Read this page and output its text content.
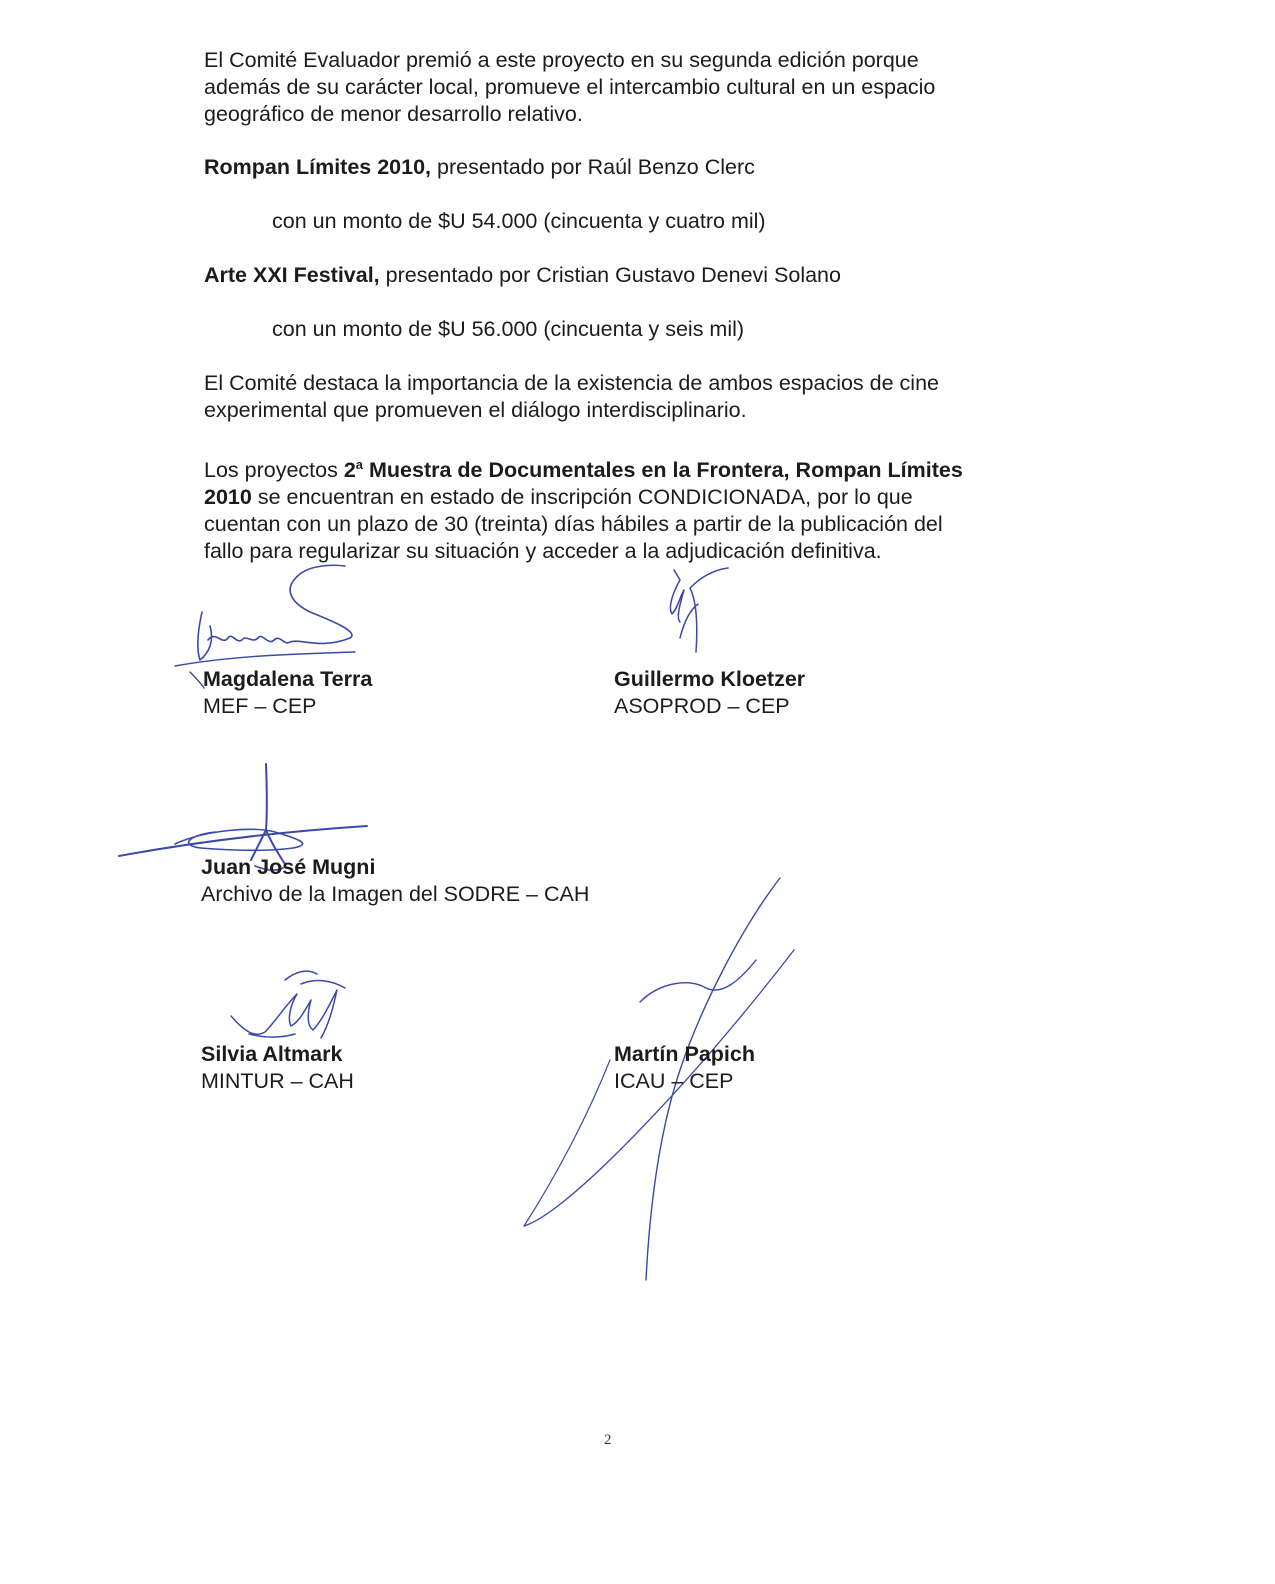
El Comité Evaluador premió a este proyecto en su segunda edición porque
además de su carácter local, promueve el intercambio cultural en un espacio
geográfico de menor desarrollo relativo.
Rompan Límites 2010, presentado por Raúl Benzo Clerc
con un monto de $U 54.000 (cincuenta y cuatro mil)
Arte XXI Festival, presentado por Cristian Gustavo Denevi Solano
con un monto de $U 56.000 (cincuenta y seis mil)
El Comité destaca la importancia de la existencia de ambos espacios de cine
experimental que promueven el diálogo interdisciplinario.
Los proyectos 2$^a$ Muestra de Documentales en la Frontera, Rompan Límites
2010 se encuentran en estado de inscripción CONDICIONADA, por lo que
cuentan con un plazo de 30 (treinta) días hábiles a partir de la publicación del
fallo para regularizar su situación y acceder a la adjudicación definitiva.
Magdalena Terra
MEF – CEP
Guillermo Kloetzer
ASOPROD – CEP
Juan José Mugni
Archivo de la Imagen del SODRE – CAH
Silvia Altmark
MINTUR – CAH
Martín Papich
ICAU – CEP
2
